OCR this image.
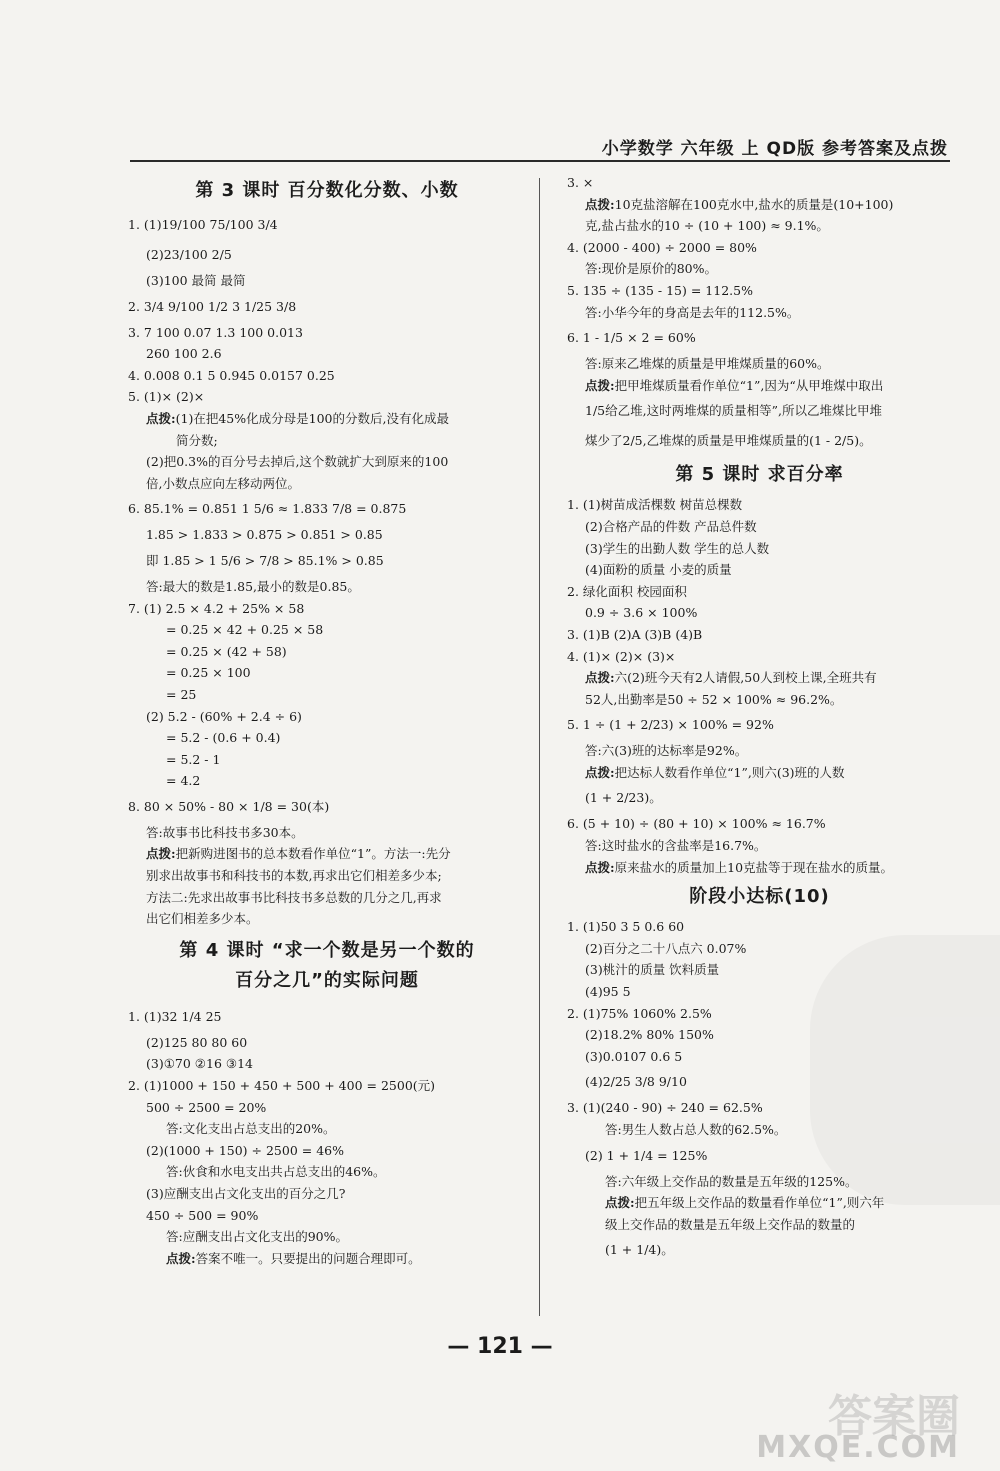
小学数学 六年级 上 QD版 参考答案及点拨
第 3 课时 百分数化分数、小数
1. (1)19/100 75/100 3/4
(2)23/100 2/5
(3)100 最简 最简
2. 3/4 9/100 1/2 3 1/25 3/8
3. 7 100 0.07 1.3 100 0.013
260 100 2.6
4. 0.008 0.1 5 0.945 0.0157 0.25
5. (1)× (2)×
点拨:(1)在把45%化成分母是100的分数后,没有化成最
简分数;
(2)把0.3%的百分号去掉后,这个数就扩大到原来的100
倍,小数点应向左移动两位。
6. 85.1% = 0.851 1 5/6 ≈ 1.833 7/8 = 0.875
1.85 > 1.833 > 0.875 > 0.851 > 0.85
即 1.85 > 1 5/6 > 7/8 > 85.1% > 0.85
答:最大的数是1.85,最小的数是0.85。
7. (1) 2.5 × 4.2 + 25% × 58
= 0.25 × 42 + 0.25 × 58
= 0.25 × (42 + 58)
= 0.25 × 100
= 25
(2) 5.2 - (60% + 2.4 ÷ 6)
= 5.2 - (0.6 + 0.4)
= 5.2 - 1
= 4.2
8. 80 × 50% - 80 × 1/8 = 30(本)
答:故事书比科技书多30本。
点拨:把新购进图书的总本数看作单位“1”。方法一:先分
别求出故事书和科技书的本数,再求出它们相差多少本;
方法二:先求出故事书比科技书多总数的几分之几,再求
出它们相差多少本。
第 4 课时 “求一个数是另一个数的
百分之几”的实际问题
1. (1)32 1/4 25
(2)125 80 80 60
(3)①70 ②16 ③14
2. (1)1000 + 150 + 450 + 500 + 400 = 2500(元)
500 ÷ 2500 = 20%
答:文化支出占总支出的20%。
(2)(1000 + 150) ÷ 2500 = 46%
答:伙食和水电支出共占总支出的46%。
(3)应酬支出占文化支出的百分之几?
450 ÷ 500 = 90%
答:应酬支出占文化支出的90%。
点拨:答案不唯一。只要提出的问题合理即可。
3. ×
点拨:10克盐溶解在100克水中,盐水的质量是(10+100)
克,盐占盐水的10 ÷ (10 + 100) ≈ 9.1%。
4. (2000 - 400) ÷ 2000 = 80%
答:现价是原价的80%。
5. 135 ÷ (135 - 15) = 112.5%
答:小华今年的身高是去年的112.5%。
6. 1 - 1/5 × 2 = 60%
答:原来乙堆煤的质量是甲堆煤质量的60%。
点拨:把甲堆煤质量看作单位“1”,因为“从甲堆煤中取出
1/5给乙堆,这时两堆煤的质量相等”,所以乙堆煤比甲堆
煤少了2/5,乙堆煤的质量是甲堆煤质量的(1 - 2/5)。
第 5 课时 求百分率
1. (1)树苗成活棵数 树苗总棵数
(2)合格产品的件数 产品总件数
(3)学生的出勤人数 学生的总人数
(4)面粉的质量 小麦的质量
2. 绿化面积 校园面积
0.9 ÷ 3.6 × 100%
3. (1)B (2)A (3)B (4)B
4. (1)× (2)× (3)×
点拨:六(2)班今天有2人请假,50人到校上课,全班共有
52人,出勤率是50 ÷ 52 × 100% ≈ 96.2%。
5. 1 ÷ (1 + 2/23) × 100% = 92%
答:六(3)班的达标率是92%。
点拨:把达标人数看作单位“1”,则六(3)班的人数
(1 + 2/23)。
6. (5 + 10) ÷ (80 + 10) × 100% ≈ 16.7%
答:这时盐水的含盐率是16.7%。
点拨:原来盐水的质量加上10克盐等于现在盐水的质量。
阶段小达标(10)
1. (1)50 3 5 0.6 60
(2)百分之二十八点六 0.07%
(3)桃汁的质量 饮料质量
(4)95 5
2. (1)75% 1060% 2.5%
(2)18.2% 80% 150%
(3)0.0107 0.6 5
(4)2/25 3/8 9/10
3. (1)(240 - 90) ÷ 240 = 62.5%
答:男生人数占总人数的62.5%。
(2) 1 + 1/4 = 125%
答:六年级上交作品的数量是五年级的125%。
点拨:把五年级上交作品的数量看作单位“1”,则六年
级上交作品的数量是五年级上交作品的数量的
(1 + 1/4)。
— 121 —
答案圈
MXQE.COM
